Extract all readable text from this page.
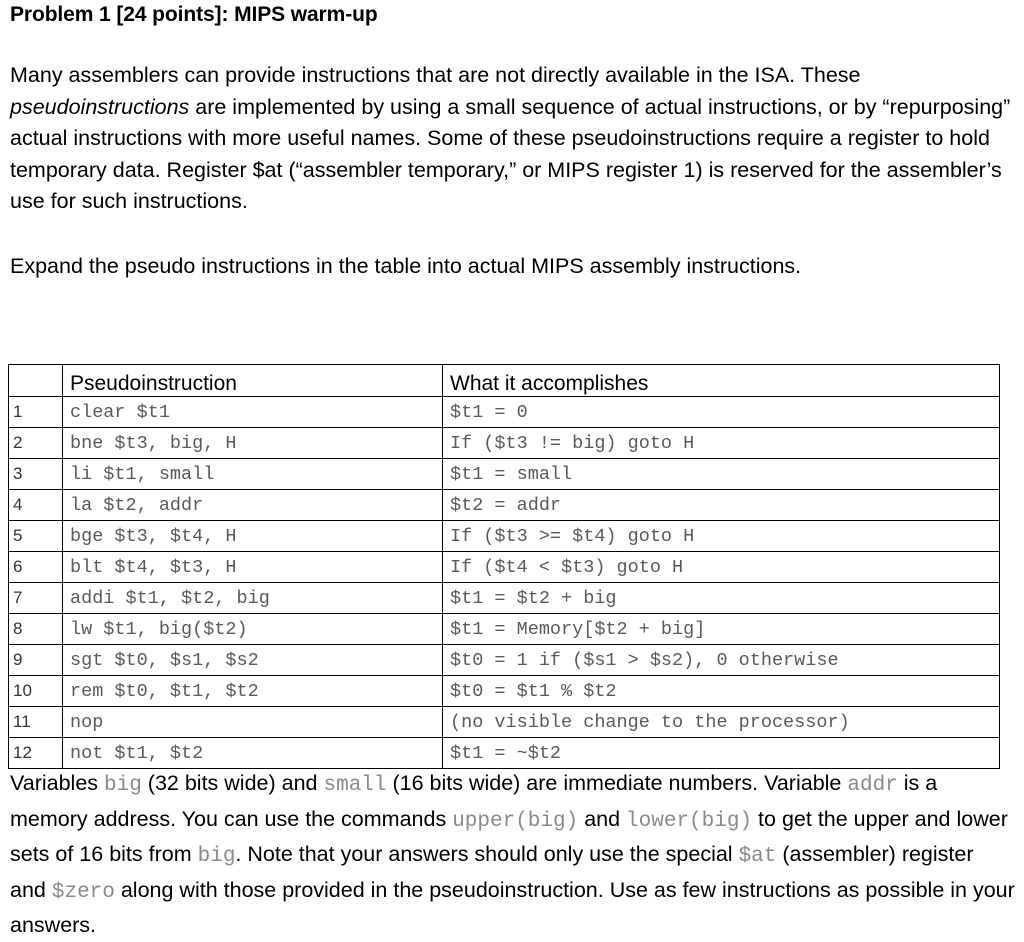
Problem 1 [24 points]: MIPS warm-up
Many assemblers can provide instructions that are not directly available in the ISA. These pseudoinstructions are implemented by using a small sequence of actual instructions, or by “repurposing” actual instructions with more useful names. Some of these pseudoinstructions require a register to hold temporary data. Register $at (“assembler temporary,” or MIPS register 1) is reserved for the assembler’s use for such instructions.
Expand the pseudo instructions in the table into actual MIPS assembly instructions.
	Pseudoinstruction	What it accomplishes
1	clear $t1	$t1 = 0
2	bne $t3, big, H	If ($t3 != big) goto H
3	li $t1, small	$t1 = small
4	la $t2, addr	$t2 = addr
5	bge $t3, $t4, H	If ($t3 >= $t4) goto H
6	blt $t4, $t3, H	If ($t4 < $t3) goto H
7	addi $t1, $t2, big	$t1 = $t2 + big
8	lw $t1, big($t2)	$t1 = Memory[$t2 + big]
9	sgt $t0, $s1, $s2	$t0 = 1 if ($s1 > $s2), 0 otherwise
10	rem $t0, $t1, $t2	$t0 = $t1 % $t2
11	nop	(no visible change to the processor)
12	not $t1, $t2	$t1 = ~$t2
Variables big (32 bits wide) and small (16 bits wide) are immediate numbers. Variable addr is a memory address. You can use the commands upper(big) and lower(big) to get the upper and lower sets of 16 bits from big. Note that your answers should only use the special $at (assembler) register and $zero along with those provided in the pseudoinstruction. Use as few instructions as possible in your answers.
